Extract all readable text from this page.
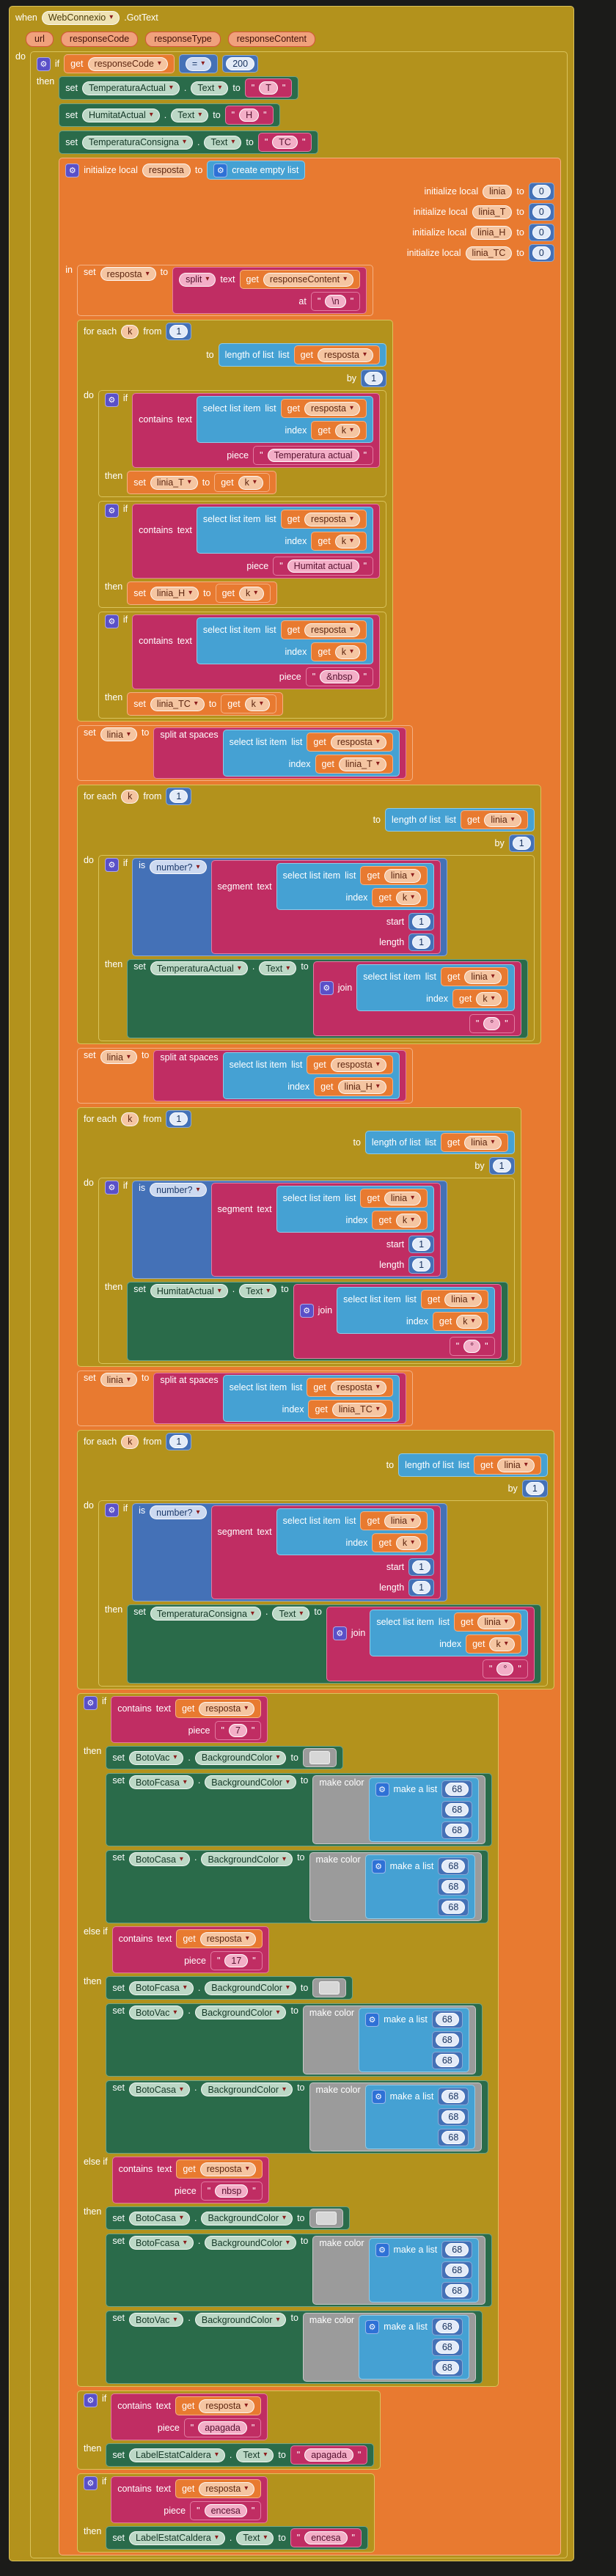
when WebConnexio ▾ .GotText
url	responseCode	responseType	responseContent
do
⚙ if get responseCode ▾	= ▾	200
then
set TemperaturaActual ▾ . Text ▾ to "	T	"
set HumitatActual ▾ . Text ▾ to "	H	"
set TemperaturaConsigna ▾ . Text ▾ to "	TC	"
⚙ initialize local resposta to	⚙ create empty list
initialize local linia to	0
initialize local linia_T to	0
initialize local linia_H to	0
initialize local linia_TC to	0
in set resposta ▾ to
split ▾ text get responseContent ▾
at "	\n	"
for each k from	1
to length of list list get resposta ▾
by	1
do	⚙ if
contains text
select list item list get resposta ▾
index get k ▾
piece "	Temperatura actual	"
then
set linia_T ▾ to get k ▾
⚙ if
contains text
select list item list get resposta ▾
index get k ▾
piece "	Humitat actual	"
then
set linia_H ▾ to get k ▾
⚙ if
contains text
select list item list get resposta ▾
index get k ▾
piece "	&nbsp	"
then
set linia_TC ▾ to get k ▾
set linia ▾ to split at spaces
select list item list get resposta ▾
index get linia_T ▾
for each k from	1
to length of list list get linia ▾
by	1
do	⚙ if is number? ▾
segment text
select list item list get linia ▾
index get k ▾
start	1
length	1
then set TemperaturaActual ▾ . Text ▾ to
⚙ join
select list item list get linia ▾
index get k ▾
"	°	"
set linia ▾ to split at spaces
select list item list get resposta ▾
index get linia_H ▾
for each k from	1
to length of list list get linia ▾
by	1
do	⚙ if is number? ▾
segment text
select list item list get linia ▾
index get k ▾
start	1
length	1
then set HumitatActual ▾ . Text ▾ to
⚙ join
select list item list get linia ▾
index get k ▾
"	°	"
set linia ▾ to split at spaces
select list item list get resposta ▾
index get linia_TC ▾
for each k from	1
to length of list list get linia ▾
by	1
do	⚙ if is number? ▾
segment text
select list item list get linia ▾
index get k ▾
start	1
length	1
then set TemperaturaConsigna ▾ . Text ▾ to
⚙ join
select list item list get linia ▾
index get k ▾
"	°	"
⚙ if
contains text get resposta ▾
piece "	7	"
then
set BotoVac ▾ . BackgroundColor ▾ to
set BotoFcasa ▾ . BackgroundColor ▾ to make color
⚙ make a list	68
68
68
set BotoCasa ▾ . BackgroundColor ▾ to make color
⚙ make a list	68
68
68
else if
contains text get resposta ▾
piece "	17	"
then
set BotoFcasa ▾ . BackgroundColor ▾ to
set BotoVac ▾ . BackgroundColor ▾ to make color
⚙ make a list	68
68
68
set BotoCasa ▾ . BackgroundColor ▾ to make color
⚙ make a list	68
68
68
else if
contains text get resposta ▾
piece "	nbsp	"
then
set BotoCasa ▾ . BackgroundColor ▾ to
set BotoFcasa ▾ . BackgroundColor ▾ to make color
⚙ make a list	68
68
68
set BotoVac ▾ . BackgroundColor ▾ to make color
⚙ make a list	68
68
68
⚙ if
contains text get resposta ▾
piece "	apagada	"
then
set LabelEstatCaldera ▾ . Text ▾ to "	apagada	"
⚙ if
contains text get resposta ▾
piece "	encesa	"
then
set LabelEstatCaldera ▾ . Text ▾ to "	encesa	"
